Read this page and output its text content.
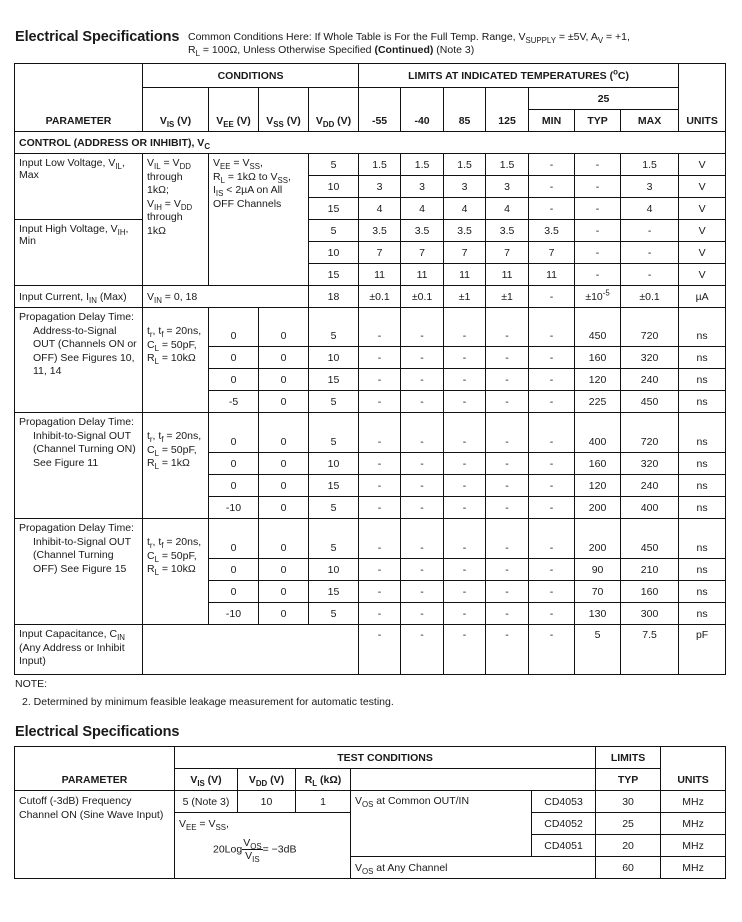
Electrical Specifications Common Conditions Here: If Whole Table is For the Full Temp. Range, $V_{SUPPLY} = \pm 5V$, $A_V = +1$,
$R_L = 100\Omega$, Unless Otherwise Specified (Continued) (Note 3)
PARAMETER	CONDITIONS				LIMITS AT INDICATED TEMPERATURES ($^o$C)							UNITS
	$V_{IS}$ (V)	$V_{EE}$ (V)	$V_{SS}$ (V)	$V_{DD}$ (V)	-55	-40	85	125	25			
									MIN	TYP	MAX	
CONTROL (ADDRESS OR INHIBIT), $V_C$
Input Low Voltage, $V_{IL}$, Max	$V_{IL} = V_{DD}$
through
1kΩ;
$V_{IH} = V_{DD}$
through
1kΩ	$V_{EE} = V_{SS}$,
$R_L = 1k\Omega$ to $V_{SS}$,
$I_{IS} < 2\mu A$ on All
OFF Channels	5	1.5	1.5	1.5	1.5	-	-	1.5	V
				10	3	3	3	3	-	-	3	V
				15	4	4	4	4	-	-	4	V
Input High Voltage, $V_{IH}$, Min				5	3.5	3.5	3.5	3.5	3.5	-	-	V
				10	7	7	7	7	7	-	-	V
				15	11	11	11	11	11	-	-	V
Input Current, $I_{IN}$ (Max)	$V_{IN} = 0$, 18			18	±0.1	±0.1	±1	±1	-	$\pm 10^{-5}$	±0.1	µA
Propagation Delay Time:
Address-to-Signal OUT (Channels ON or OFF) See Figures 10, 11, 14	$t_r$, $t_f = 20ns$,
$C_L = 50pF$,
$R_L = 10k\Omega$	0	0	5	-	-	-	-	-	450	720	ns
		0	0	10	-	-	-	-	-	160	320	ns
		0	0	15	-	-	-	-	-	120	240	ns
		-5	0	5	-	-	-	-	-	225	450	ns
Propagation Delay Time:
Inhibit-to-Signal OUT (Channel Turning ON) See Figure 11	$t_r$, $t_f = 20ns$,
$C_L = 50pF$,
$R_L = 1k\Omega$	0	0	5	-	-	-	-	-	400	720	ns
		0	0	10	-	-	-	-	-	160	320	ns
		0	0	15	-	-	-	-	-	120	240	ns
		-10	0	5	-	-	-	-	-	200	400	ns
Propagation Delay Time:
Inhibit-to-Signal OUT (Channel Turning OFF) See Figure 15	$t_r$, $t_f = 20ns$,
$C_L = 50pF$,
$R_L = 10k\Omega$	0	0	5	-	-	-	-	-	200	450	ns
		0	0	10	-	-	-	-	-	90	210	ns
		0	0	15	-	-	-	-	-	70	160	ns
		-10	0	5	-	-	-	-	-	130	300	ns
Input Capacitance, $C_{IN}$
(Any Address or Inhibit Input)					-	-	-	-	-	5	7.5	pF
NOTE:
2. Determined by minimum feasible leakage measurement for automatic testing.
Electrical Specifications
PARAMETER	TEST CONDITIONS					LIMITS	UNITS
	$V_{IS}$ (V)	$V_{DD}$ (V)	$R_L$ (kΩ)			TYP	
Cutoff (-3dB) Frequency Channel ON (Sine Wave Input)	5 (Note 3)	10	1	$V_{OS}$ at Common OUT/IN	CD4053	30	MHz

	$V_{EE} = V_{SS}$,
$20Log \frac{V_{OS}}{V_{IS}} = -3dB$				CD4052	25	MHz
					CD4051	20	MHz
				$V_{OS}$ at Any Channel		60	MHz
